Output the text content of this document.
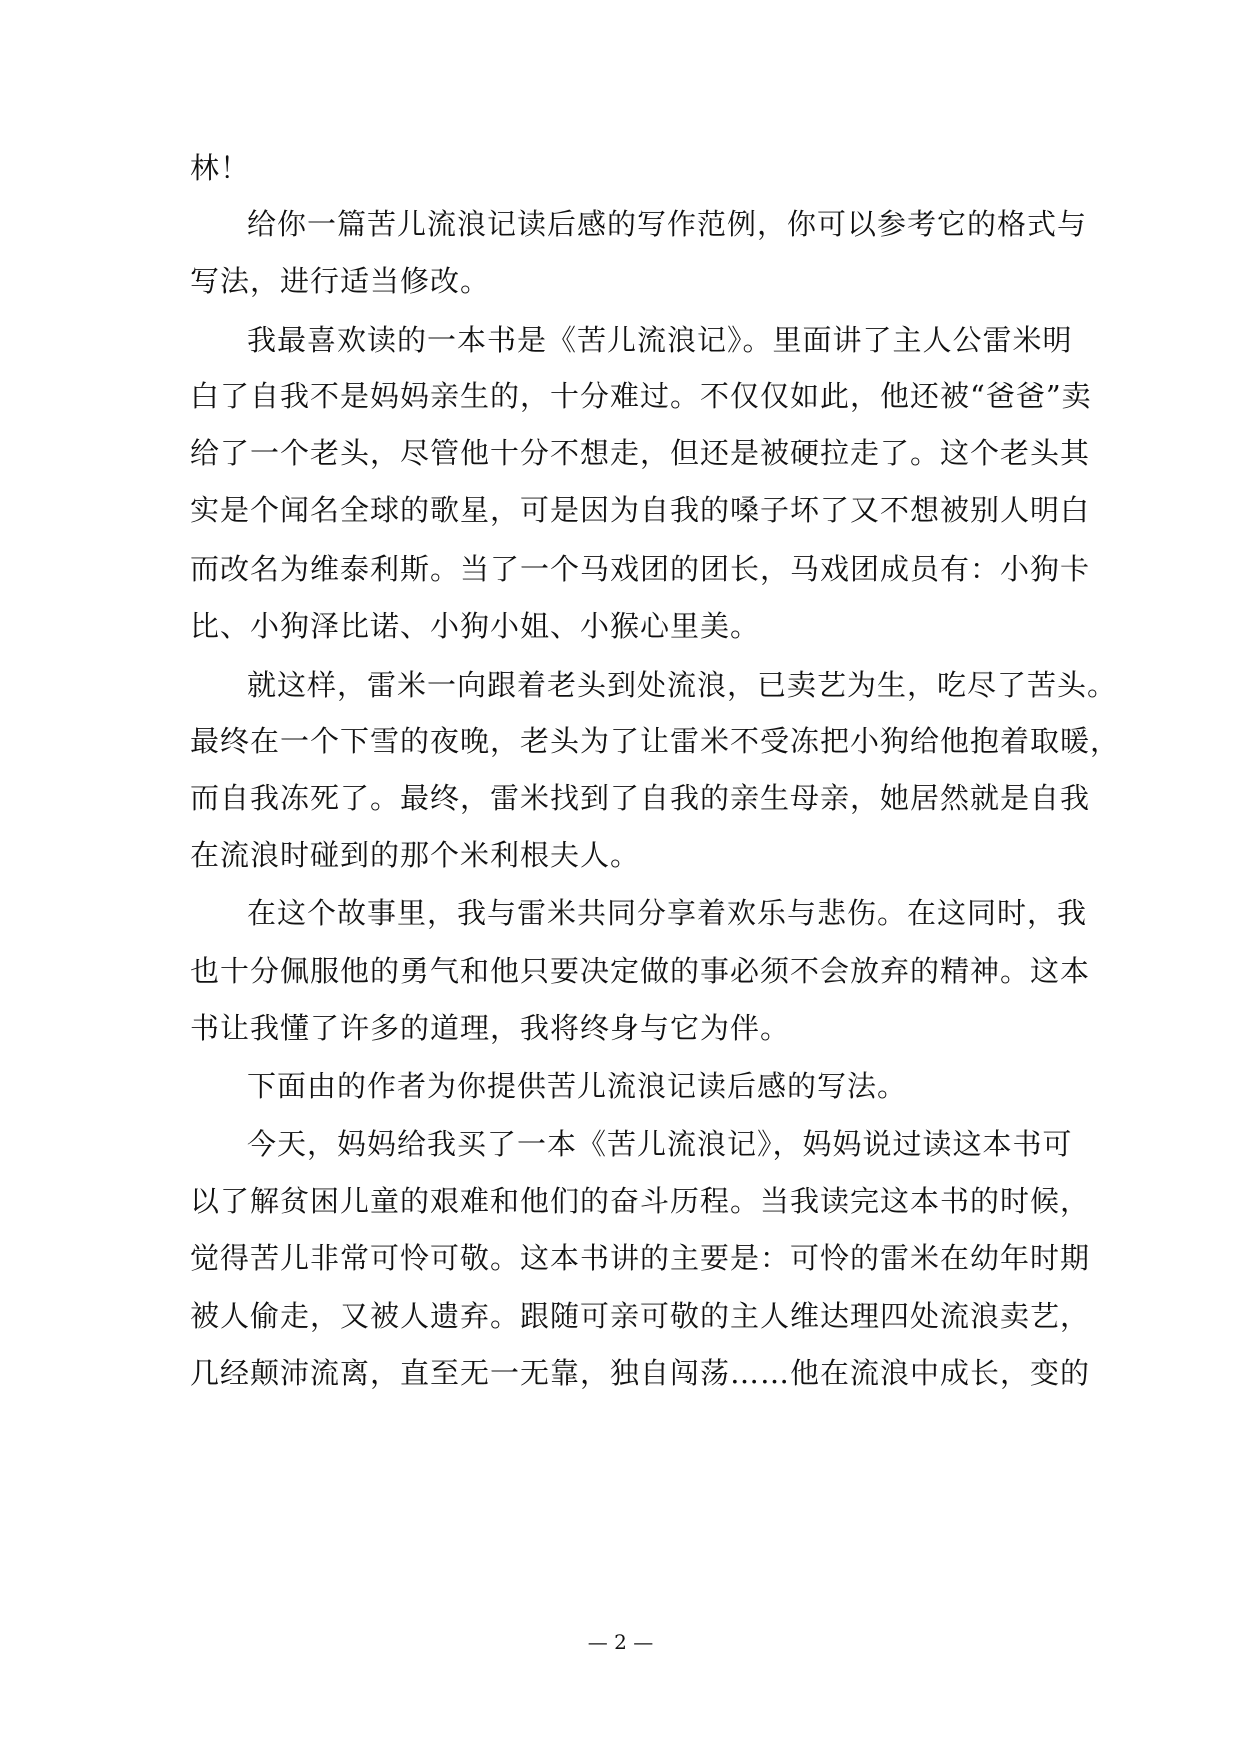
林！
给你一篇苦儿流浪记读后感的写作范例，你可以参考它的格式与
写法，进行适当修改。
我最喜欢读的一本书是《苦儿流浪记》。里面讲了主人公雷米明
白了自我不是妈妈亲生的，十分难过。不仅仅如此，他还被“爸爸”卖
给了一个老头，尽管他十分不想走，但还是被硬拉走了。这个老头其
实是个闻名全球的歌星，可是因为自我的嗓子坏了又不想被别人明白
而改名为维泰利斯。当了一个马戏团的团长，马戏团成员有：小狗卡
比、小狗泽比诺、小狗小姐、小猴心里美。
就这样，雷米一向跟着老头到处流浪，已卖艺为生，吃尽了苦头。
最终在一个下雪的夜晚，老头为了让雷米不受冻把小狗给他抱着取暖，
而自我冻死了。最终，雷米找到了自我的亲生母亲，她居然就是自我
在流浪时碰到的那个米利根夫人。
在这个故事里，我与雷米共同分享着欢乐与悲伤。在这同时，我
也十分佩服他的勇气和他只要决定做的事必须不会放弃的精神。这本
书让我懂了许多的道理，我将终身与它为伴。
下面由的作者为你提供苦儿流浪记读后感的写法。
今天，妈妈给我买了一本《苦儿流浪记》，妈妈说过读这本书可
以了解贫困儿童的艰难和他们的奋斗历程。当我读完这本书的时候，
觉得苦儿非常可怜可敬。这本书讲的主要是：可怜的雷米在幼年时期
被人偷走，又被人遗弃。跟随可亲可敬的主人维达理四处流浪卖艺，
几经颠沛流离，直至无一无靠，独自闯荡……他在流浪中成长，变的
— 2 —
